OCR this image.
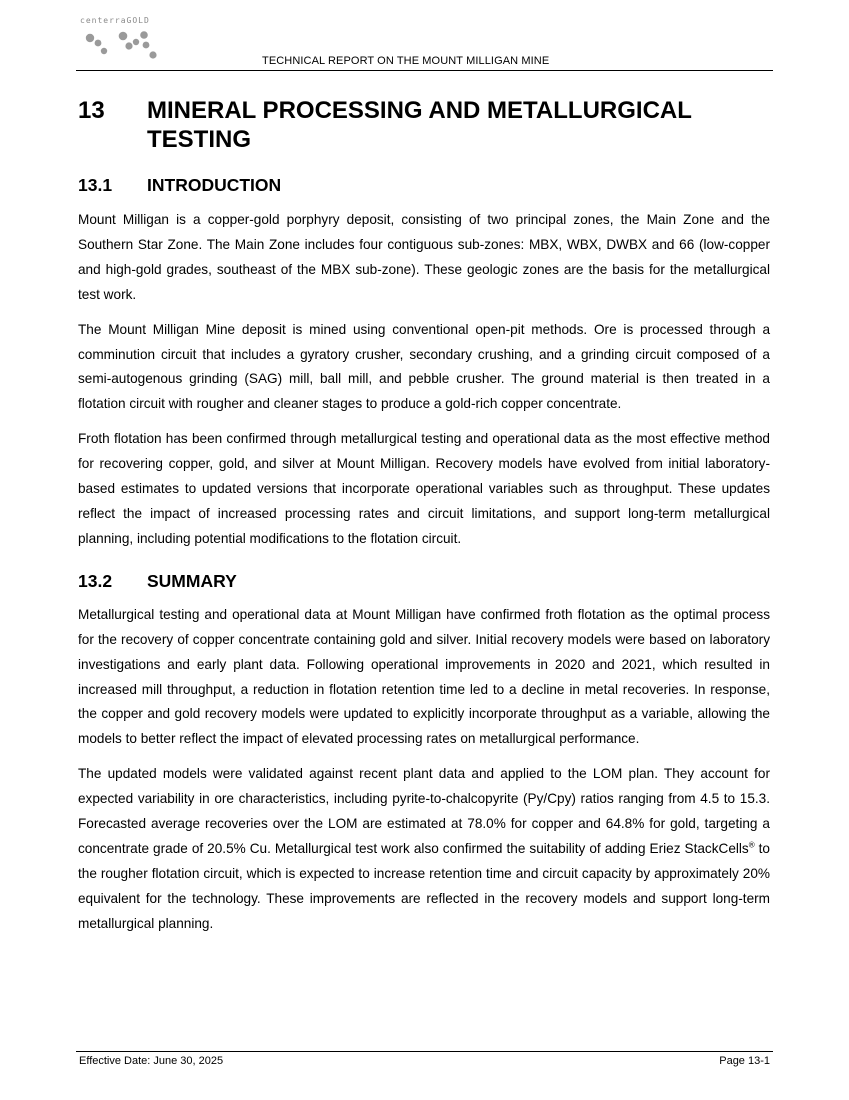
centerraGOLD
TECHNICAL REPORT ON THE MOUNT MILLIGAN MINE
13	MINERAL PROCESSING AND METALLURGICAL TESTING
13.1	INTRODUCTION

Mount Milligan is a copper-gold porphyry deposit, consisting of two principal zones, the Main Zone and the Southern Star Zone. The Main Zone includes four contiguous sub-zones: MBX, WBX, DWBX and 66 (low-copper and high-gold grades, southeast of the MBX sub-zone). These geologic zones are the basis for the metallurgical test work.

The Mount Milligan Mine deposit is mined using conventional open-pit methods. Ore is processed through a comminution circuit that includes a gyratory crusher, secondary crushing, and a grinding circuit composed of a semi-autogenous grinding (SAG) mill, ball mill, and pebble crusher. The ground material is then treated in a flotation circuit with rougher and cleaner stages to produce a gold-rich copper concentrate.

Froth flotation has been confirmed through metallurgical testing and operational data as the most effective method for recovering copper, gold, and silver at Mount Milligan. Recovery models have evolved from initial laboratory-based estimates to updated versions that incorporate operational variables such as throughput. These updates reflect the impact of increased processing rates and circuit limitations, and support long-term metallurgical planning, including potential modifications to the flotation circuit.

13.2	SUMMARY

Metallurgical testing and operational data at Mount Milligan have confirmed froth flotation as the optimal process for the recovery of copper concentrate containing gold and silver. Initial recovery models were based on laboratory investigations and early plant data. Following operational improvements in 2020 and 2021, which resulted in increased mill throughput, a reduction in flotation retention time led to a decline in metal recoveries. In response, the copper and gold recovery models were updated to explicitly incorporate throughput as a variable, allowing the models to better reflect the impact of elevated processing rates on metallurgical performance.

The updated models were validated against recent plant data and applied to the LOM plan. They account for expected variability in ore characteristics, including pyrite-to-chalcopyrite (Py/Cpy) ratios ranging from 4.5 to 15.3. Forecasted average recoveries over the LOM are estimated at 78.0% for copper and 64.8% for gold, targeting a concentrate grade of 20.5% Cu. Metallurgical test work also confirmed the suitability of adding Eriez StackCells® to the rougher flotation circuit, which is expected to increase retention time and circuit capacity by approximately 20% equivalent for the technology. These improvements are reflected in the recovery models and support long-term metallurgical planning.

Effective Date: June 30, 2025	Page 13-1
